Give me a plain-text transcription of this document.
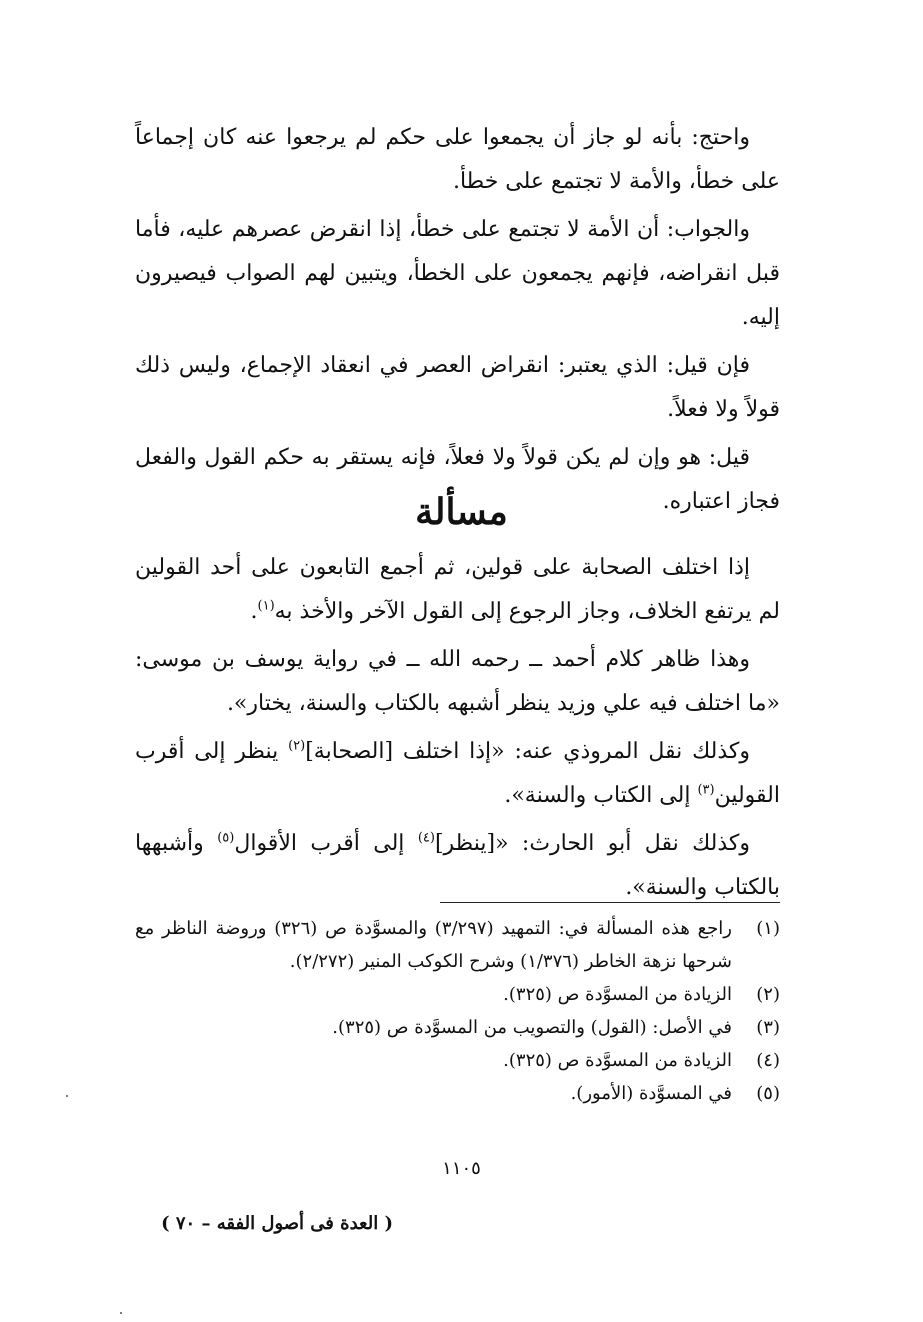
واحتج: بأنه لو جاز أن يجمعوا على حكم لم يرجعوا عنه كان إجماعاً على خطأ، والأمة لا تجتمع على خطأ.

والجواب: أن الأمة لا تجتمع على خطأ، إذا انقرض عصرهم عليه، فأما قبل انقراضه، فإنهم يجمعون على الخطأ، ويتبين لهم الصواب فيصيرون إليه.

فإن قيل: الذي يعتبر: انقراض العصر في انعقاد الإجماع، وليس ذلك قولاً ولا فعلاً.

قيل: هو وإن لم يكن قولاً ولا فعلاً، فإنه يستقر به حكم القول والفعل فجاز اعتباره.

مسألة

إذا اختلف الصحابة على قولين، ثم أجمع التابعون على أحد القولين لم يرتفع الخلاف، وجاز الرجوع إلى القول الآخر والأخذ به$^{(١)}$.

وهذا ظاهر كلام أحمد ــ رحمه الله ــ في رواية يوسف بن موسى: «ما اختلف فيه علي وزيد ينظر أشبهه بالكتاب والسنة، يختار».

وكذلك نقل المروذي عنه: «إذا اختلف [الصحابة]$^{(٢)}$ ينظر إلى أقرب القولين$^{(٣)}$ إلى الكتاب والسنة».

وكذلك نقل أبو الحارث: «[ينظر]$^{(٤)}$ إلى أقرب الأقوال$^{(٥)}$ وأشبهها بالكتاب والسنة».

(١)
راجع هذه المسألة في: التمهيد (٣/٢٩٧) والمسوَّدة ص (٣٢٦) وروضة الناظر مع شرحها نزهة الخاطر (١/٣٧٦) وشرح الكوكب المنير (٢/٢٧٢).
(٢)
الزيادة من المسوَّدة ص (٣٢٥).
(٣)
في الأصل: (القول) والتصويب من المسوَّدة ص (٣٢٥).
(٤)
الزيادة من المسوَّدة ص (٣٢٥).
(٥)
في المسوَّدة (الأمور).
١١٠٥
( العدة فى أصول الفقه – ٧٠ )
